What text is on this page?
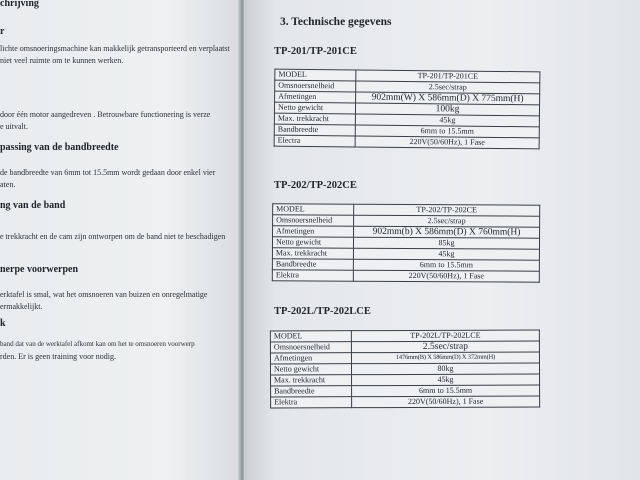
chrijving
r
lichte omsnoeringsmachine kan makkelijk getransporteerd en verplaatst
niet veel ruimte om te kunnen werken.
door één motor aangedreven . Betrouwbare functionering is verze
e uitvalt.
passing van de bandbreedte
de bandbreedte van 6mm tot 15.5mm wordt gedaan door enkel vier
aten.
ng van de band
e trekkracht en de cam zijn ontworpen om de band niet te beschadigen
nerpe voorwerpen
erktafel is smal, wat het omsnoeren van buizen en onregelmatige
ermakkelijkt.
k
band dat van de werktafel afkomt kan om het te omsnoeren voorwerp
rden. Er is geen training voor nodig.
3. Technische gegevens
TP-201/TP-201CE
MODEL	TP-201/TP-201CE
Omsnoersnelheid	2.5sec/strap
Afmetingen	902mm(W) X 586mm(D) X 775mm(H)
Netto gewicht	100kg
Max. trekkracht	45kg
Bandbreedte	6mm to 15.5mm
Electra	220V(50/60Hz), 1 Fase
TP-202/TP-202CE
MODEL	TP-202/TP-202CE
Omsnoersnelheid	2.5sec/strap
Afmetingen	902mm(b) X 586mm(D) X 760mm(H)
Netto gewicht	85kg
Max. trekkracht	45kg
Bandbreedte	6mm to 15.5mm
Elektra	220V(50/60Hz), 1 Fase
TP-202L/TP-202LCE
MODEL	TP-202L/TP-202LCE
Omsnoersnelheid	2.5sec/strap
Afmetingen	1476mm(B) X 586mm(D) X 372mm(H)
Netto gewicht	80kg
Max. trekkracht	45kg
Bandbreedte	6mm to 15.5mm
Elektra	220V(50/60Hz), 1 Fase
